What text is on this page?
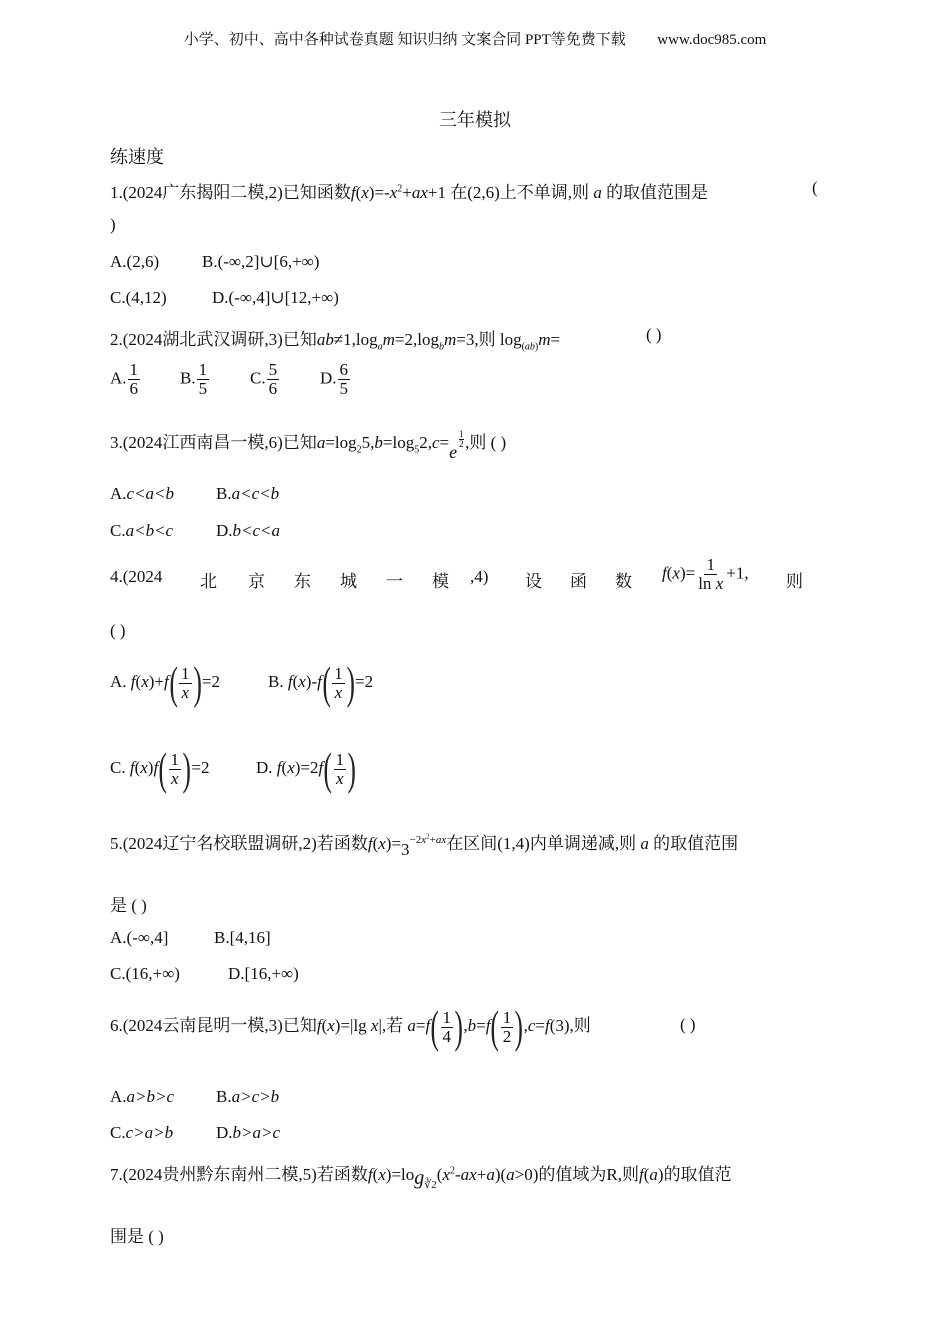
小学、初中、高中各种试卷真题 知识归纳 文案合同 PPT等免费下载 www.doc985.com
三年模拟
练速度
1.(2024广东揭阳二模,2)已知函数$f(x)=-x^2+ax+1$ 在(2,6)上不单调,则 a 的取值范围是	(
)
A.(2,6)	B.(-∞,2]∪[6,+∞)
C.(4,12)	D.(-∞,4]∪[12,+∞)
2.(2024湖北武汉调研,3)已知$ab\ne 1,\log_am=2,\log_bm=3$,则 $\log_{(ab)}m=$	( )
A. $\frac{1}{6} B$. $\frac{1}{5} C$. $\frac{5}{6} D$. $\frac{6}{5}$
3.(2024江西南昌一模,6)已知$a=\log_25,b=\log_52,c= e$
1
2 ,则 ( )
A.c<a<b B.a<c<b
C.a<b<c	D.b<c<a
4.(2024 北 京 东 城 一 模 ,4) 设 函 数 $f(x)= \frac{1}{\text{ln x}} +1$, 则
( )
A. f(x)+f ( $\frac{1}{x}$ ) =2	B. f(x)-f ( $\frac{1}{x}$ ) =2
C. f(x)f ( $\frac{1}{x}$ ) =2	D. f(x)=2f ( $\frac{1}{x}$ )
5.(2024辽宁名校联盟调研,2)若函数$f(x)=3^{-2x^2+ax}$在区间(1,4)内单调递减,则 a 的取值范围
是 ( )
A.(-∞,4]	B.[4,16]
C.(16,+∞)	D.[16,+∞)
6.(2024云南昆明一模,3)已知f(x)=|lg x|,若 a=f ( $\frac{1}{4}$ ) ,b=f ( $\frac{1}{2}$ ) ,c=f(3),则	( )
A.a>b>c B.a>c>b
C.c>a>b	D.b>a>c
7.(2024贵州黔东南州二模,5)若函数$f(x)=\log_{∛2}(x^2-ax+a)(a>0)$的值域为R,则f(a)的取值范
围是 ( )
